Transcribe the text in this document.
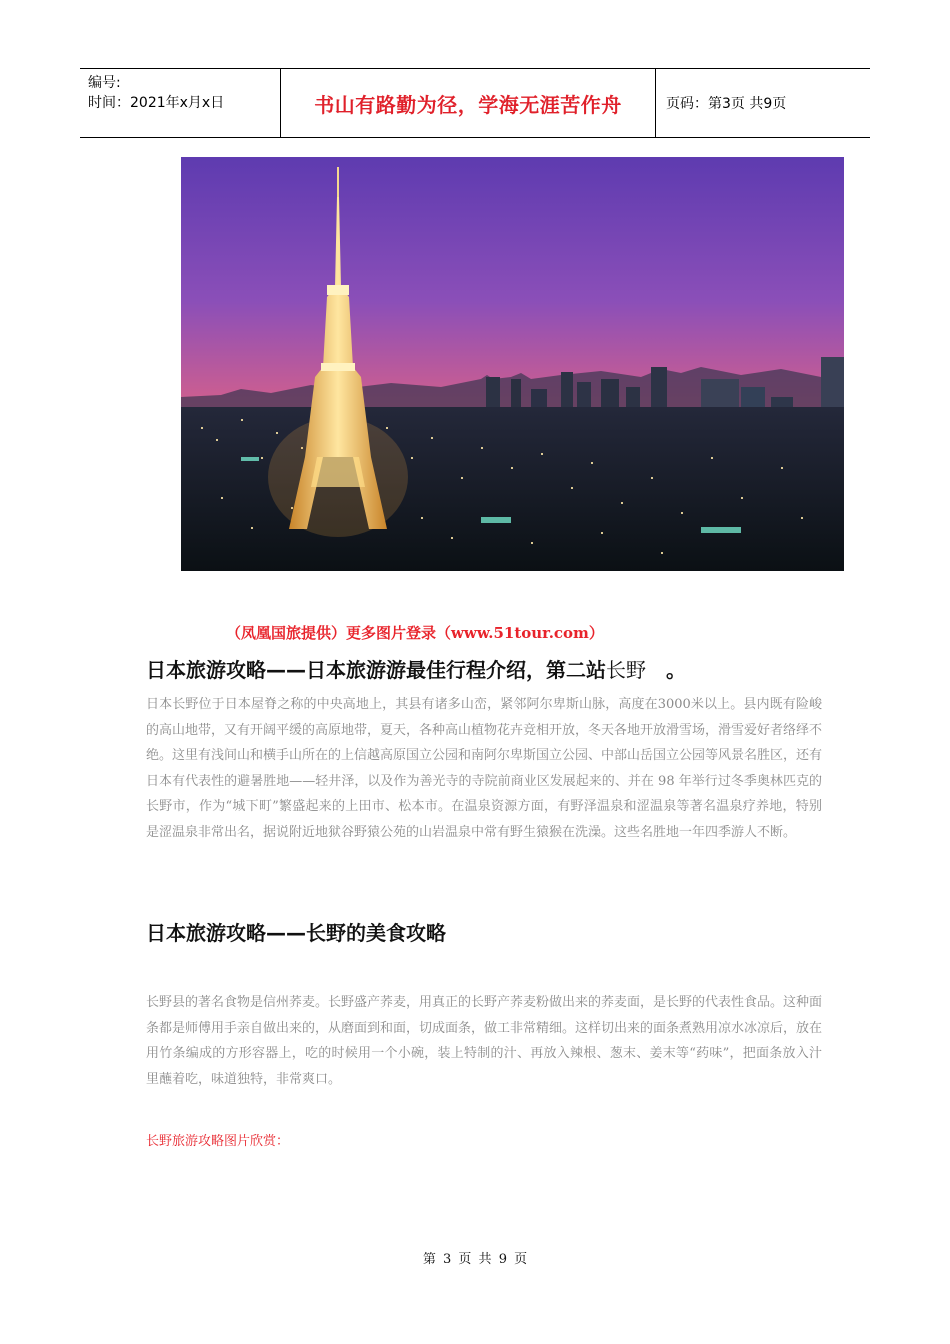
编号:
时间：2021年x月x日	书山有路勤为径，学海无涯苦作舟	页码：第3页 共9页
（凤凰国旅提供）更多图片登录（www.51tour.com）
日本旅游攻略——日本旅游游最佳行程介绍，第二站长野　。
日本长野位于日本屋脊之称的中央高地上，其县有诸多山峦，紧邻阿尔卑斯山脉，高度在3000米以上。县内既有险峻的高山地带，又有开阔平缓的高原地带，夏天，各种高山植物花卉竞相开放，冬天各地开放滑雪场，滑雪爱好者络绎不绝。这里有浅间山和横手山所在的上信越高原国立公园和南阿尔卑斯国立公园、中部山岳国立公园等风景名胜区，还有日本有代表性的避暑胜地——轻井泽，以及作为善光寺的寺院前商业区发展起来的、并在 98 年举行过冬季奥林匹克的长野市，作为“城下町”繁盛起来的上田市、松本市。在温泉资源方面，有野泽温泉和涩温泉等著名温泉疗养地，特别是涩温泉非常出名，据说附近地狱谷野猿公苑的山岩温泉中常有野生猿猴在洗澡。这些名胜地一年四季游人不断。
日本旅游攻略——长野的美食攻略
长野县的著名食物是信州荞麦。长野盛产荞麦，用真正的长野产荞麦粉做出来的荞麦面，是长野的代表性食品。这种面条都是师傅用手亲自做出来的，从磨面到和面，切成面条，做工非常精细。这样切出来的面条煮熟用凉水冰凉后，放在用竹条编成的方形容器上，吃的时候用一个小碗，装上特制的汁、再放入辣根、葱末、姜末等“药味”，把面条放入汁里蘸着吃，味道独特，非常爽口。
长野旅游攻略图片欣赏：
第 3 页 共 9 页
